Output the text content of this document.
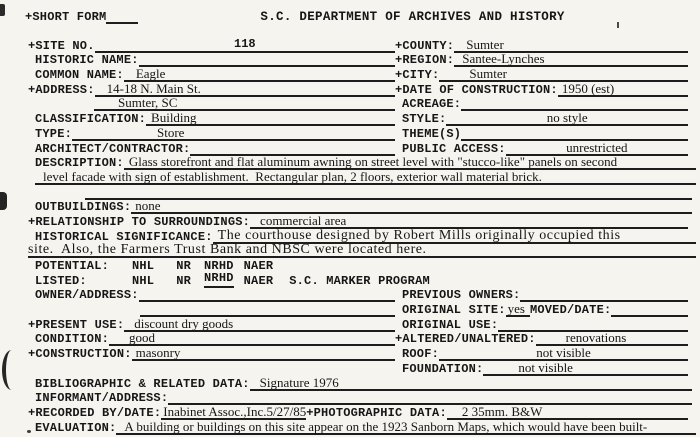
+SHORT FORM	S.C. DEPARTMENT OF ARCHIVES AND HISTORY
+SITE NO.	118	+COUNTY: Sumter
HISTORIC NAME:	+REGION: Santee-Lynches
COMMON NAME: Eagle	+CITY:	Sumter
+ADDRESS: 14-18 N. Main St.	+DATE OF CONSTRUCTION: 1950 (est)
Sumter, SC	ACREAGE:
CLASSIFICATION: Building	STYLE:	no style
TYPE:	Store	THEME(S)
ARCHITECT/CONTRACTOR:	PUBLIC ACCESS:	unrestricted
DESCRIPTION: Glass storefront and flat aluminum awning on street level with "stucco-like" panels on second
level facade with sign of establishment.  Rectangular plan, 2 floors, exterior wall material brick.
OUTBUILDINGS: none
+RELATIONSHIP TO SURROUNDINGS: commercial area
HISTORICAL SIGNIFICANCE: The courthouse designed by Robert Mills originally occupied this
site.  Also, the Farmers Trust Bank and NBSC were located here.
POTENTIAL:	NHL NR NRHD NAER
LISTED:	NHL NR NRHD NAER S.C. MARKER PROGRAM
OWNER/ADDRESS:	PREVIOUS OWNERS:
ORIGINAL SITE: yes MOVED/DATE:
+PRESENT USE: discount dry goods	ORIGINAL USE:
CONDITION:	good	+ALTERED/UNALTERED:	renovations
+CONSTRUCTION: masonry	ROOF:	not visible
FOUNDATION:	not visible
BIBLIOGRAPHIC & RELATED DATA: Signature 1976
INFORMANT/ADDRESS:
+RECORDED BY/DATE: Inabinet Assoc.,Inc.5/27/85 +PHOTOGRAPHIC DATA:	2 35mm. B&W
EVALUATION: A building or buildings on this site appear on the 1923 Sanborn Maps, which would have been built-
